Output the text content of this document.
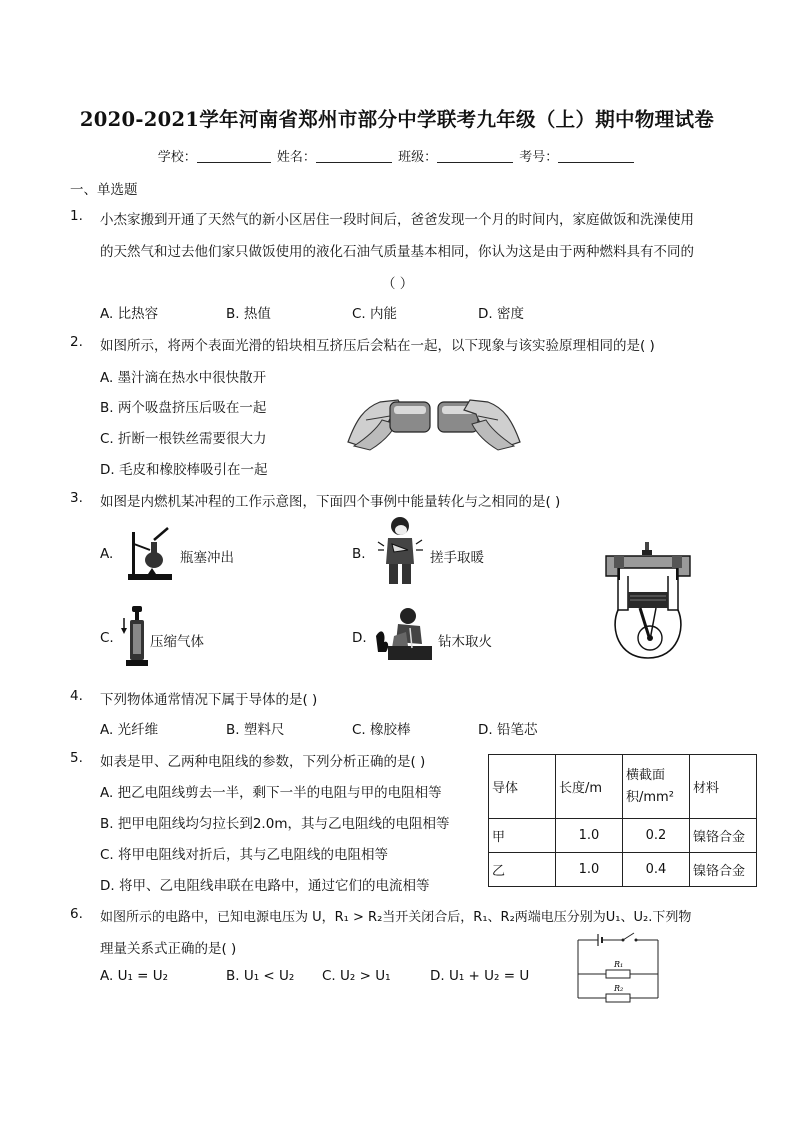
2020-2021学年河南省郑州市部分中学联考九年级（上）期中物理试卷
学校：	姓名：	班级：	考号：
一、单选题
1. 小杰家搬到开通了天然气的新小区居住一段时间后，爸爸发现一个月的时间内，家庭做饭和洗澡使用
的天然气和过去他们家只做饭使用的液化石油气质量基本相同，你认为这是由于两种燃料具有不同的
（ ）
A. 比热容	B. 热值	C. 内能	D. 密度
2. 如图所示，将两个表面光滑的铅块相互挤压后会粘在一起，以下现象与该实验原理相同的是( )
A. 墨汁滴在热水中很快散开
B. 两个吸盘挤压后吸在一起
C. 折断一根铁丝需要很大力
D. 毛皮和橡胶棒吸引在一起
3. 如图是内燃机某冲程的工作示意图，下面四个事例中能量转化与之相同的是( )
A.	瓶塞冲出	B.	搓手取暖
C.	压缩气体	D.	钻木取火
4. 下列物体通常情况下属于导体的是( )
A. 光纤维	B. 塑料尺	C. 橡胶棒	D. 铅笔芯
5. 如表是甲、乙两种电阻线的参数，下列分析正确的是( )
A. 把乙电阻线剪去一半，剩下一半的电阻与甲的电阻相等
B. 把甲电阻线均匀拉长到2.0m，其与乙电阻线的电阻相等
C. 将甲电阻线对折后，其与乙电阻线的电阻相等
D. 将甲、乙电阻线串联在电路中，通过它们的电流相等
导体	长度/m	横截面积/mm²	材料
甲	1.0	0.2	镍铬合金
乙	1.0	0.4	镍铬合金
6. 如图所示的电路中，已知电源电压为 U，R₁ > R₂当开关闭合后，R₁、R₂两端电压分别为U₁、U₂.下列物
理量关系式正确的是( )
A. U₁ = U₂	B. U₁ < U₂ C. U₂ > U₁	D. U₁ + U₂ = U
R₁
R₂
